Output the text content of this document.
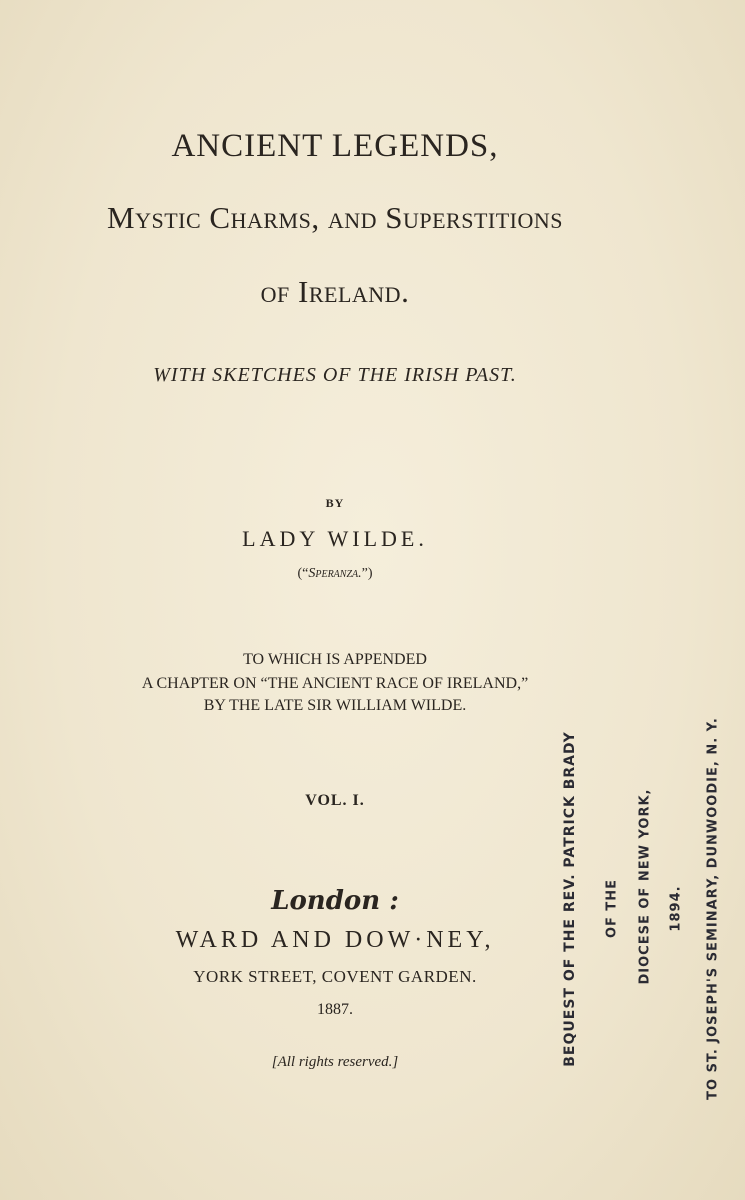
ANCIENT LEGENDS,
Mystic Charms, and Superstitions
of Ireland.
WITH SKETCHES OF THE IRISH PAST.
BY
LADY WILDE.
(“Speranza.”)
TO WHICH IS APPENDED
A CHAPTER ON “THE ANCIENT RACE OF IRELAND,”
BY THE LATE SIR WILLIAM WILDE.
VOL. I.
London :
WARD AND DOW·NEY,
YORK STREET, COVENT GARDEN.
1887.
[All rights reserved.]	BEQUEST OF THE REV. PATRICK BRADY OF THE DIOCESE OF NEW YORK, 1894. TO ST. JOSEPH'S SEMINARY, DUNWOODIE, N. Y.
